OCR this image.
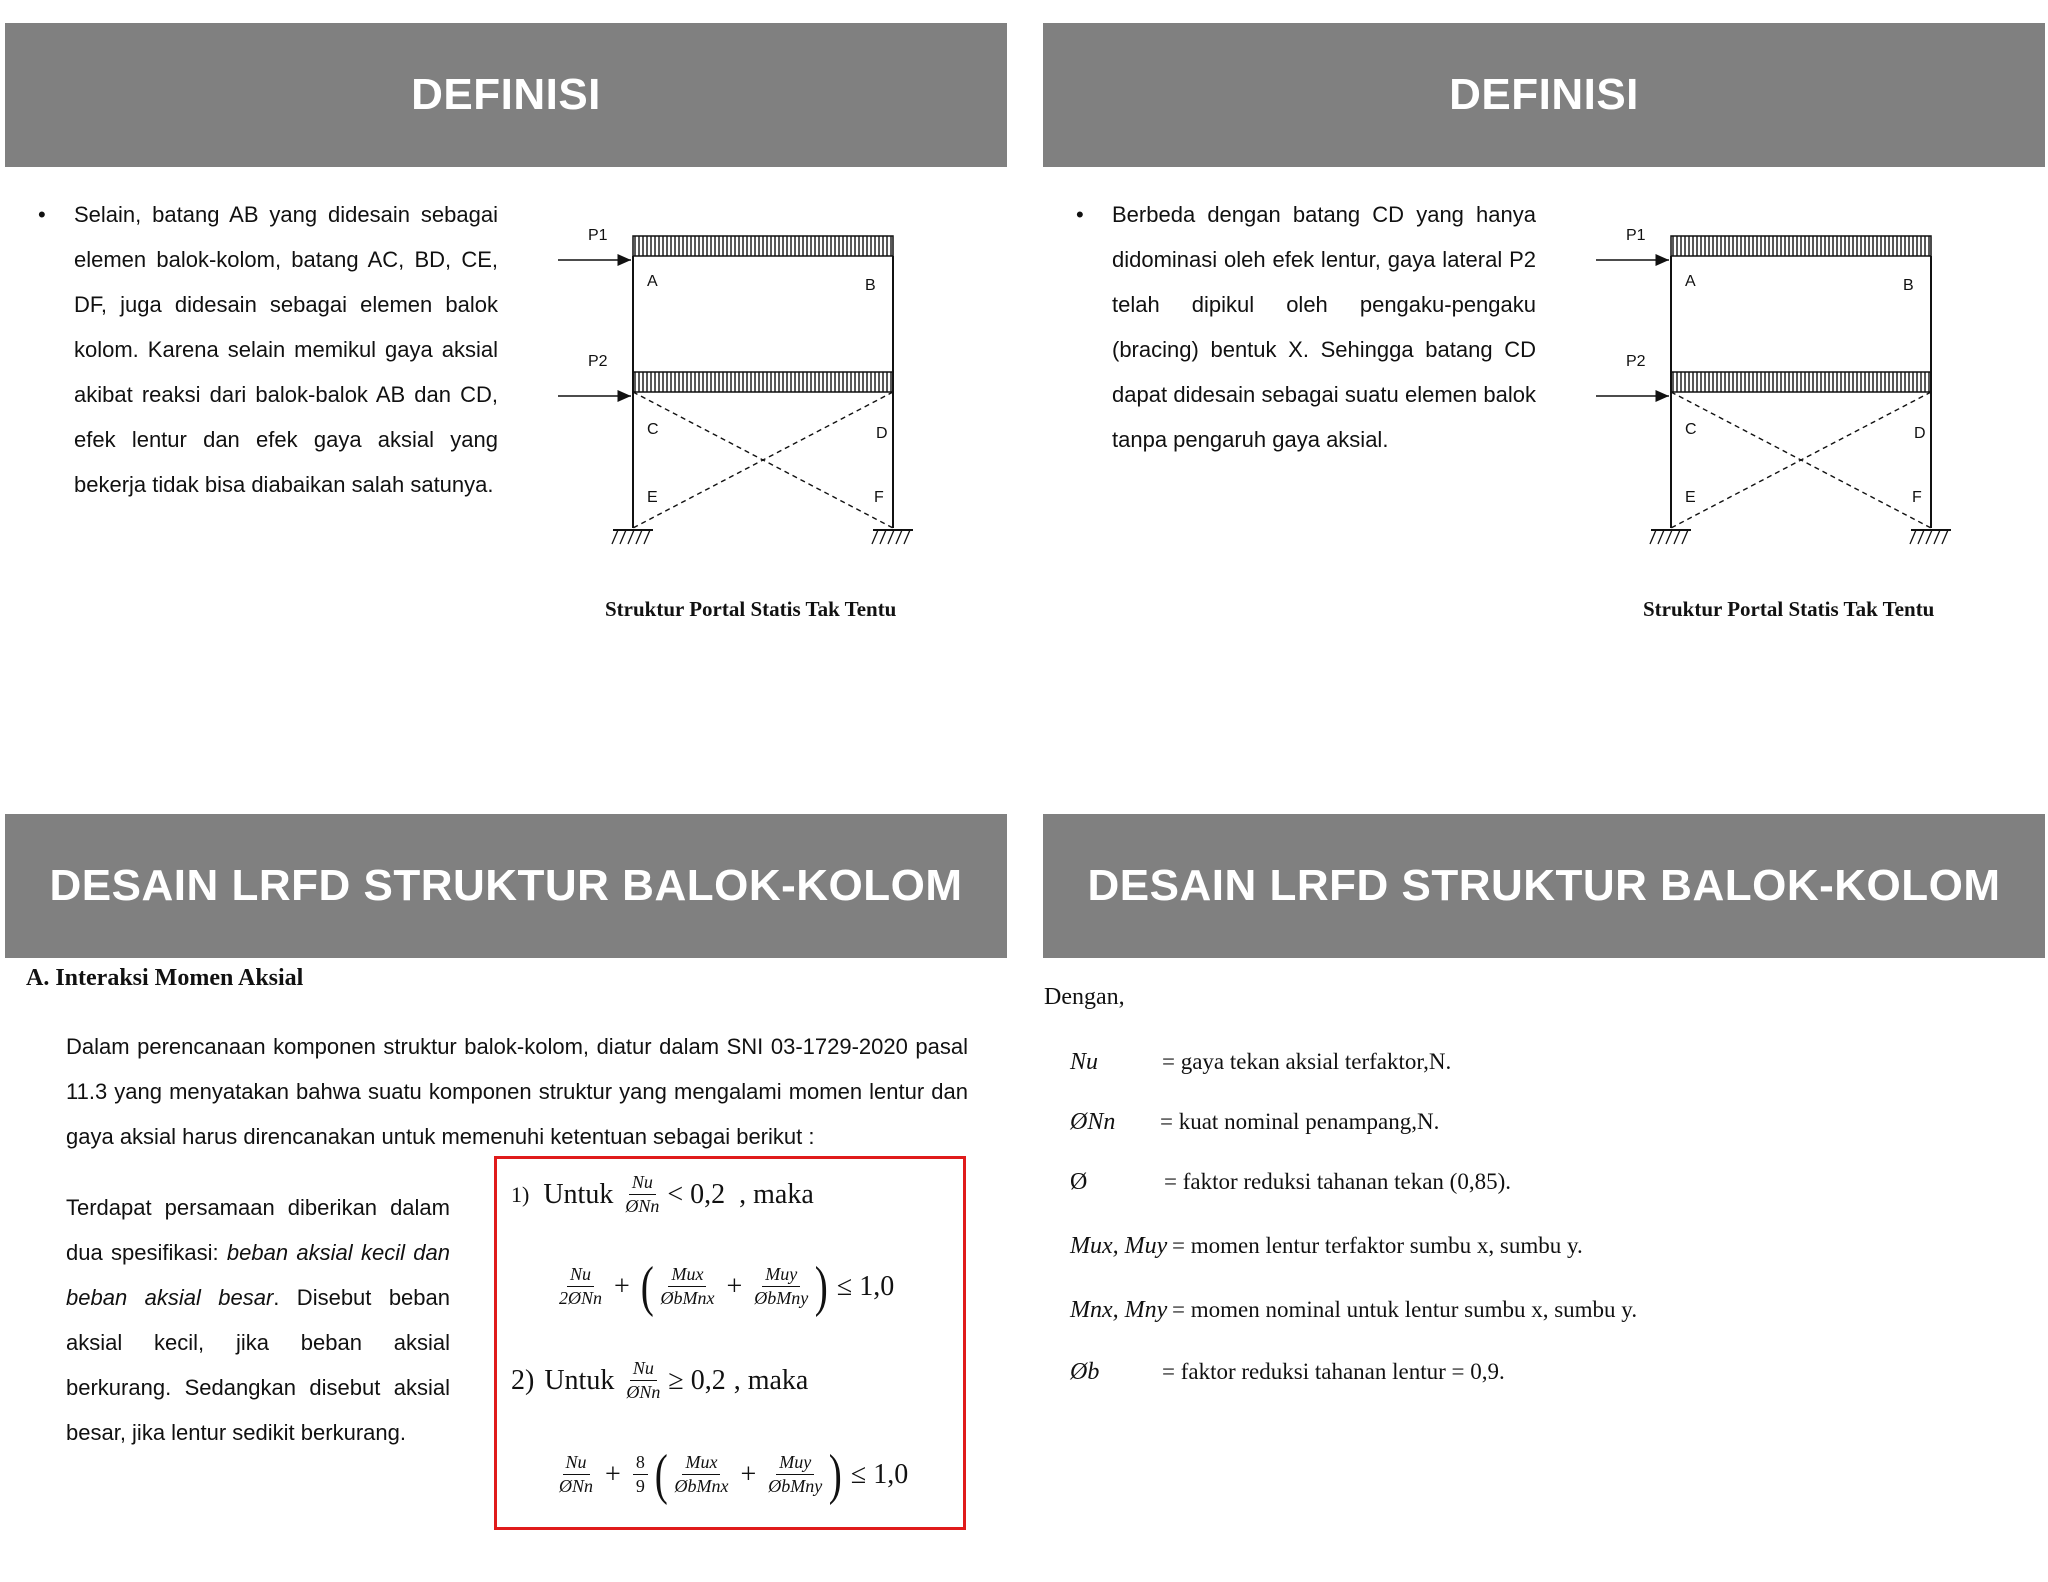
DEFINISI
• Selain, batang AB yang didesain sebagai elemen balok-kolom, batang AC, BD, CE, DF, juga didesain sebagai elemen balok kolom. Karena selain memikul gaya aksial akibat reaksi dari balok-balok AB dan CD, efek lentur dan efek gaya aksial yang bekerja tidak bisa diabaikan salah satunya.
P1
P2
A	B
C	D
E	F
Struktur Portal Statis Tak Tentu
DEFINISI
• Berbeda dengan batang CD yang hanya didominasi oleh efek lentur, gaya lateral P2 telah dipikul oleh pengaku-pengaku (bracing) bentuk X. Sehingga batang CD dapat didesain sebagai suatu elemen balok tanpa pengaruh gaya aksial.
P1
P2
A	B
C	D
E	F
Struktur Portal Statis Tak Tentu
DESAIN LRFD STRUKTUR BALOK-KOLOM
A. Interaksi Momen Aksial
Dalam perencanaan komponen struktur balok-kolom, diatur dalam SNI 03-1729-2020 pasal 11.3 yang menyatakan bahwa suatu komponen struktur yang mengalami momen lentur dan gaya aksial harus direncanakan untuk memenuhi ketentuan sebagai berikut :
Terdapat persamaan diberikan dalam dua spesifikasi: beban aksial kecil dan beban aksial besar. Disebut beban aksial kecil, jika beban aksial berkurang. Sedangkan disebut aksial besar, jika lentur sedikit berkurang.
1) Untuk $\frac{Nu}{\text{ØNn}} < 0,2$ , maka
$\frac{Nu}{\text{2ØNn}}$ + ( $\frac{\text{Mux}}{\text{ØbMnx}} + \frac{\text{Muy}}{\text{ØbMny}}$ ) ≤ 1,0
2) Untuk $\frac{Nu}{\text{ØNn}} \ge 0,2$ , maka
$\frac{Nu}{\text{ØNn}} + \frac{8}{9}$ ( $\frac{\text{Mux}}{\text{ØbMnx}} + \frac{\text{Muy}}{\text{ØbMny}}$ ) ≤ 1,0
DESAIN LRFD STRUKTUR BALOK-KOLOM
Dengan,
Nu	= gaya tekan aksial terfaktor,N.
ØNn = kuat nominal penampang,N.
Ø	= faktor reduksi tahanan tekan (0,85).
Mux, Muy = momen lentur terfaktor sumbu x, sumbu y.
Mnx, Mny = momen nominal untuk lentur sumbu x, sumbu y.
Øb	= faktor reduksi tahanan lentur = 0,9.
